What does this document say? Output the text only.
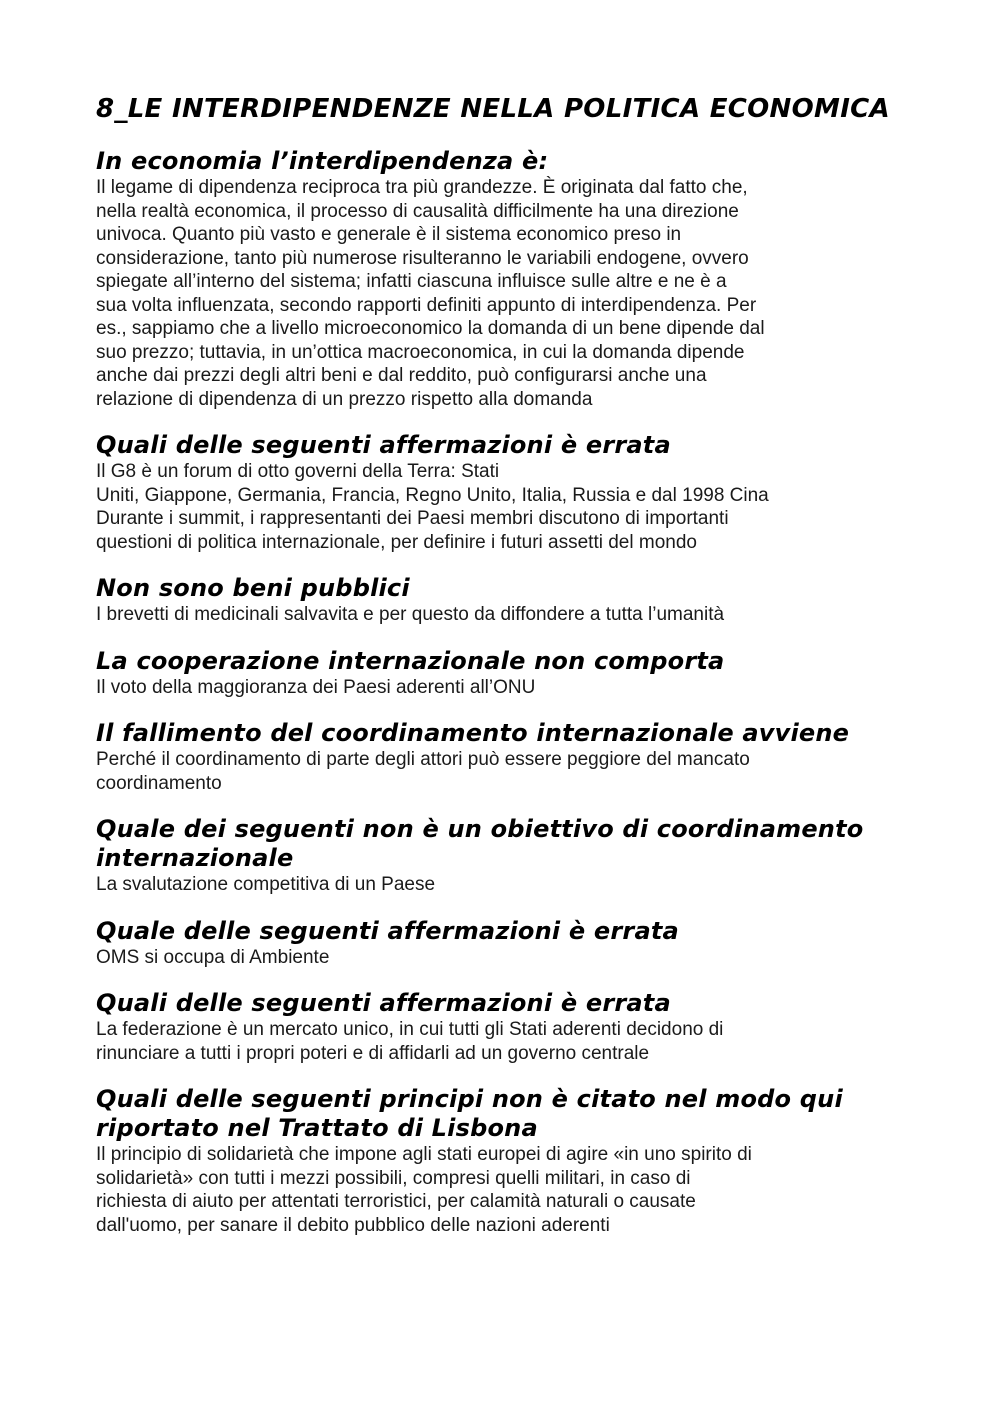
8_LE INTERDIPENDENZE NELLA POLITICA ECONOMICA
In economia l’interdipendenza è:

Il legame di dipendenza reciproca tra più grandezze. È originata dal fatto che,
nella realtà economica, il processo di causalità difficilmente ha una direzione
univoca. Quanto più vasto e generale è il sistema economico preso in
considerazione, tanto più numerose risulteranno le variabili endogene, ovvero
spiegate all’interno del sistema; infatti ciascuna influisce sulle altre e ne è a
sua volta influenzata, secondo rapporti definiti appunto di interdipendenza. Per
es., sappiamo che a livello microeconomico la domanda di un bene dipende dal
suo prezzo; tuttavia, in un’ottica macroeconomica, in cui la domanda dipende
anche dai prezzi degli altri beni e dal reddito, può configurarsi anche una
relazione di dipendenza di un prezzo rispetto alla domanda

Quali delle seguenti affermazioni è errata

Il G8 è un forum di otto governi della Terra: Stati
Uniti, Giappone, Germania, Francia, Regno Unito, Italia, Russia e dal 1998 Cina
Durante i summit, i rappresentanti dei Paesi membri discutono di importanti
questioni di politica internazionale, per definire i futuri assetti del mondo

Non sono beni pubblici

I brevetti di medicinali salvavita e per questo da diffondere a tutta l’umanità

La cooperazione internazionale non comporta

Il voto della maggioranza dei Paesi aderenti all’ONU

Il fallimento del coordinamento internazionale avviene

Perché il coordinamento di parte degli attori può essere peggiore del mancato
coordinamento

Quale dei seguenti non è un obiettivo di coordinamento internazionale

La svalutazione competitiva di un Paese

Quale delle seguenti affermazioni è errata

OMS si occupa di Ambiente

Quali delle seguenti affermazioni è errata

La federazione è un mercato unico, in cui tutti gli Stati aderenti decidono di
rinunciare a tutti i propri poteri e di affidarli ad un governo centrale

Quali delle seguenti principi non è citato nel modo qui riportato nel Trattato di Lisbona

Il principio di solidarietà che impone agli stati europei di agire «in uno spirito di
solidarietà» con tutti i mezzi possibili, compresi quelli militari, in caso di
richiesta di aiuto per attentati terroristici, per calamità naturali o causate
dall'uomo, per sanare il debito pubblico delle nazioni aderenti
